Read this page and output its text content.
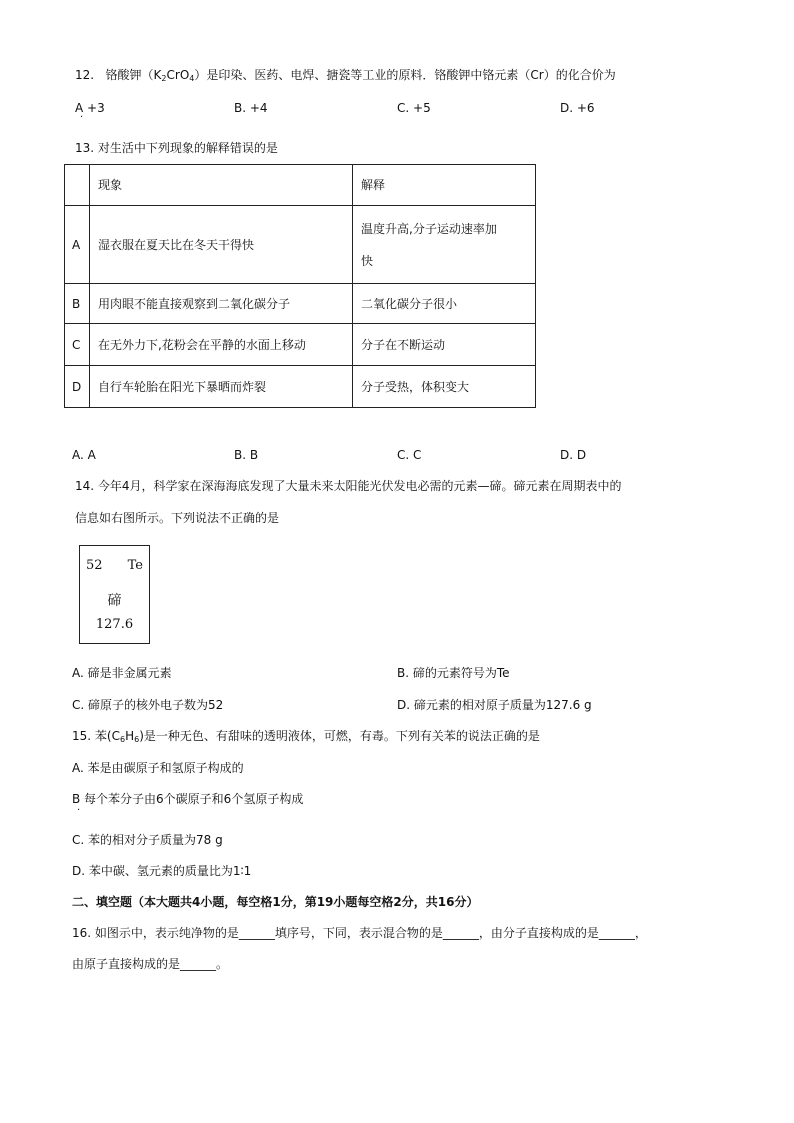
12. 铬酸钾$(K_2CrO_4)$是印染、医药、电焊、搪瓷等工业的原料．铬酸钾中铬元素（Cr）的化合价为
A +3
·
B. +4	C. +5	D. +6
13. 对生活中下列现象的解释错误的是
	现象	解释
A	湿衣服在夏天比在冬天干得快	温度升高,分子运动速率加
快

B	用肉眼不能直接观察到二氧化碳分子	二氧化碳分子很小
C	在无外力下,花粉会在平静的水面上移动	分子在不断运动
D	自行车轮胎在阳光下暴晒而炸裂	分子受热，体积变大
A. A	B. B	C. C	D. D
14. 今年4月，科学家在深海海底发现了大量未来太阳能光伏发电必需的元素—碲。碲元素在周期表中的
信息如右图所示。下列说法不正确的是
52 Te
碲
127.6
A. 碲是非金属元素	B. 碲的元素符号为Te
C. 碲原子的核外电子数为52	D. 碲元素的相对原子质量为127.6 g
15. 苯$(C_6H_6)$是一种无色、有甜味的透明液体，可燃，有毒。下列有关苯的说法正确的是
A. 苯是由碳原子和氢原子构成的
B 每个苯分子由6个碳原子和6个氢原子构成
·
C. 苯的相对分子质量为78 g
D. 苯中碳、氢元素的质量比为1∶1
二、填空题（本大题共4小题，每空格1分，第19小题每空格2分，共16分）
16. 如图示中，表示纯净物的是______填序号，下同，表示混合物的是______，由分子直接构成的是______，
由原子直接构成的是______。
